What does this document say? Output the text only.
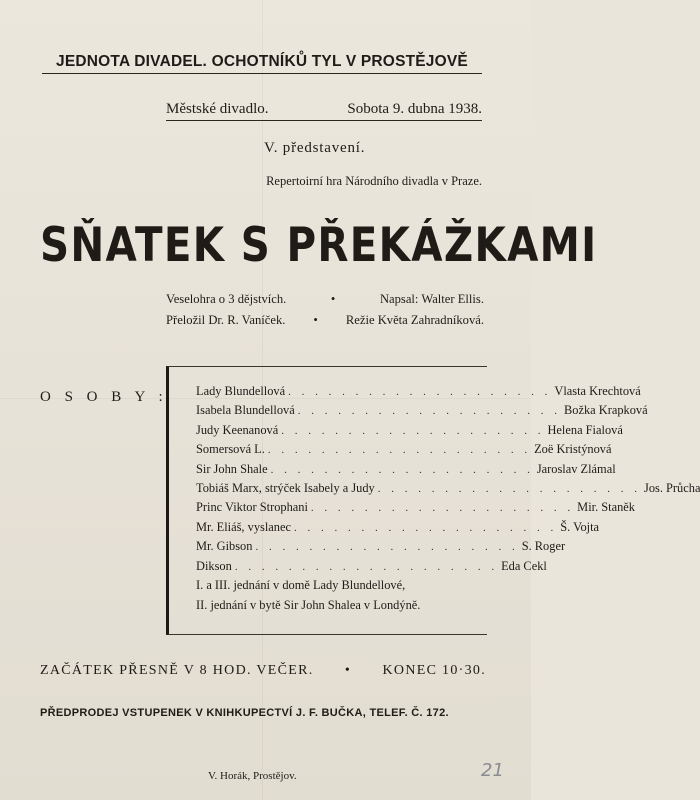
JEDNOTA DIVADEL. OCHOTNÍKŮ TYL V PROSTĚJOVĚ
Městské divadlo.	Sobota 9. dubna 1938.
V. představení.
Repertoirní hra Národního divadla v Praze.
SŇATEK S PŘEKÁŽKAMI
Veselohra o 3 dějstvích.	•	Napsal: Walter Ellis.
Přeložil Dr. R. Vaníček. • Režie Květa Zahradníková.
O S O B Y : Lady Blundellová . . . . . . . . . . . . . . . . . . . . Vlasta Krechtová
Isabela Blundellová . . . . . . . . . . . . . . . . . . . . Božka Krapková
Judy Keenanová . . . . . . . . . . . . . . . . . . . . Helena Fialová
Somersová L. . . . . . . . . . . . . . . . . . . . . Zoë Kristýnová
Sir John Shale . . . . . . . . . . . . . . . . . . . . Jaroslav Zlámal
Tobiáš Marx, strýček Isabely a Judy . . . . . . . . . . . . . . . . . . . . Jos. Průcha
Princ Viktor Strophani . . . . . . . . . . . . . . . . . . . . Mir. Staněk
Mr. Eliáš, vyslanec . . . . . . . . . . . . . . . . . . . . Š. Vojta
Mr. Gibson . . . . . . . . . . . . . . . . . . . . S. Roger
Dikson . . . . . . . . . . . . . . . . . . . . Eda Cekl
I. a III. jednání v domě Lady Blundellové,
II. jednání v bytě Sir John Shalea v Londýně.
ZAČÁTEK PŘESNĚ V 8 HOD. VEČER. • KONEC 10·30.
PŘEDPRODEJ VSTUPENEK V KNIHKUPECTVÍ J. F. BUČKA, TELEF. Č. 172.
V. Horák, Prostějov.	21
